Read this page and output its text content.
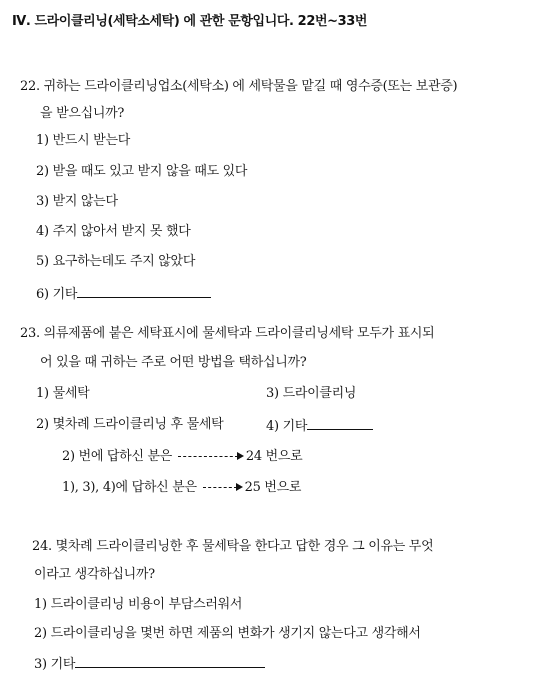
Ⅳ. 드라이클리닝(세탁소세탁) 에 관한 문항입니다. 22번~33번
22. 귀하는 드라이클리닝업소(세탁소) 에 세탁물을 맡길 때 영수증(또는 보관증)
을 받으십니까?
1) 반드시 받는다
2) 받을 때도 있고 받지 않을 때도 있다
3) 받지 않는다
4) 주지 않아서 받지 못 했다
5) 요구하는데도 주지 않았다
6) 기타
23. 의류제품에 붙은 세탁표시에 물세탁과 드라이클리닝세탁 모두가 표시되
어 있을 때 귀하는 주로 어떤 방법을 택하십니까?
1) 물세탁	3) 드라이클리닝
2) 몇차례 드라이클리닝 후 물세탁	4) 기타
2) 번에 답하신 분은	24 번으로
1), 3), 4)에 답하신 분은	25 번으로
24. 몇차례 드라이클리닝한 후 물세탁을 한다고 답한 경우 그 이유는 무엇
이라고 생각하십니까?
1) 드라이클리닝 비용이 부담스러워서
2) 드라이클리닝을 몇번 하면 제품의 변화가 생기지 않는다고 생각해서
3) 기타
